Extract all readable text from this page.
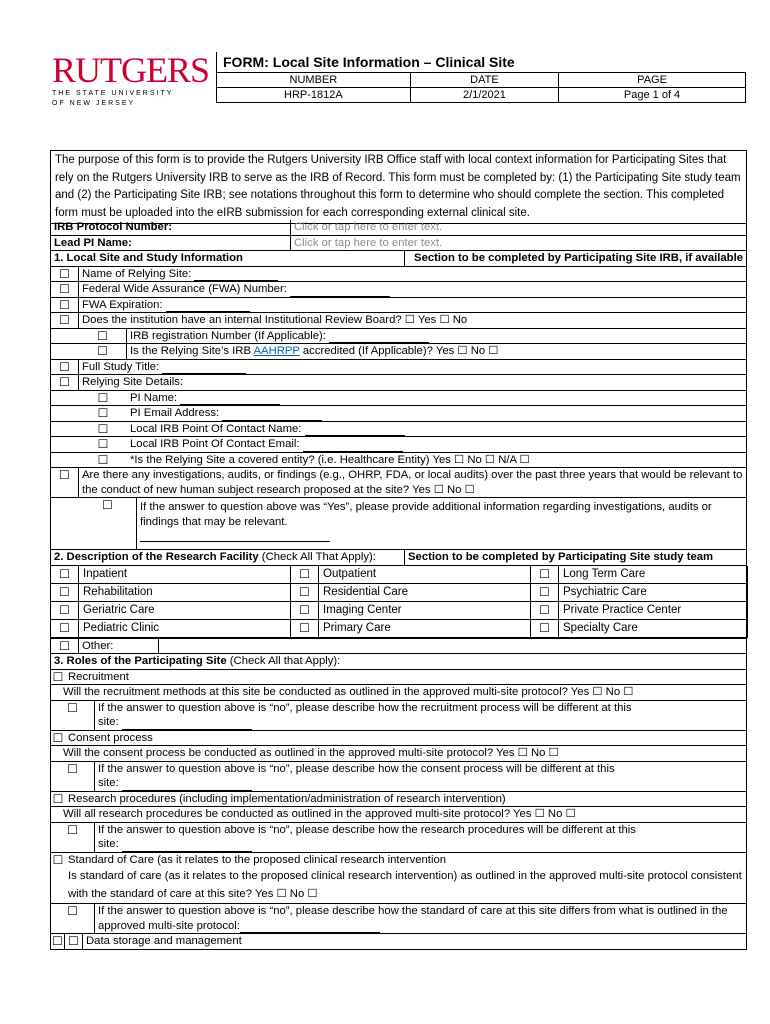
RUTGERS
THE STATE UNIVERSITY
OF NEW JERSEY
FORM: Local Site Information – Clinical Site		
NUMBER	DATE	PAGE
HRP-1812A	2/1/2021	Page 1 of 4
The purpose of this form is to provide the Rutgers University IRB Office staff with local context information for Participating Sites that rely on the Rutgers University IRB to serve as the IRB of Record. This form must be completed by: (1) the Participating Site study team and (2) the Participating Site IRB; see notations throughout this form to determine who should complete the section. This completed form must be uploaded into the eIRB submission for each corresponding external clinical site.
IRB Protocol Number:	Click or tap here to enter text.
Lead PI Name:	Click or tap here to enter text.
1. Local Site and Study Information	Section to be completed by Participating Site IRB, if available
☐	Name of Relying Site:
☐	Federal Wide Assurance (FWA) Number:
☐	FWA Expiration:
☐	Does the institution have an internal Institutional Review Board? ☐ Yes ☐ No
☐	IRB registration Number (If Applicable):
☐	Is the Relying Site’s IRB AAHRPP accredited (If Applicable)? Yes ☐ No ☐
☐	Full Study Title:
☐	Relying Site Details:
☐	PI Name:
☐	PI Email Address:
☐	Local IRB Point Of Contact Name:
☐	Local IRB Point Of Contact Email:
☐	*Is the Relying Site a covered entity? (i.e. Healthcare Entity) Yes ☐ No ☐ N/A ☐
☐	Are there any investigations, audits, or findings (e.g., OHRP, FDA, or local audits) over the past three years that would be relevant to the conduct of new human subject research proposed at the site? Yes ☐ No ☐
☐	If the answer to question above was “Yes”, please provide additional information regarding investigations, audits or findings that may be relevant.
2. Description of the Research Facility (Check All That Apply):	Section to be completed by Participating Site study team
☐	Inpatient	☐	Outpatient	☐	Long Term Care
☐	Rehabilitation	☐	Residential Care	☐	Psychiatric Care
☐	Geriatric Care	☐	Imaging Center	☐	Private Practice Center
☐	Pediatric Clinic	☐	Primary Care	☐	Specialty Care
☐	Other:
3. Roles of the Participating Site (Check All that Apply):
☐ Recruitment
Will the recruitment methods at this site be conducted as outlined in the approved multi-site protocol? Yes ☐ No ☐
☐	If the answer to question above is “no”, please describe how the recruitment process will be different at this
site:
☐ Consent process
Will the consent process be conducted as outlined in the approved multi-site protocol? Yes ☐ No ☐
☐	If the answer to question above is “no”, please describe how the consent process will be different at this
site:
☐ Research procedures (including implementation/administration of research intervention)
Will all research procedures be conducted as outlined in the approved multi-site protocol? Yes ☐ No ☐
☐	If the answer to question above is “no”, please describe how the research procedures will be different at this
site:
☐ Standard of Care (as it relates to the proposed clinical research intervention
Is standard of care (as it relates to the proposed clinical research intervention) as outlined in the approved multi-site protocol consistent with the standard of care at this site? Yes ☐ No ☐
☐	If the answer to question above is “no”, please describe how the standard of care at this site differs from what is outlined in the
approved multi-site protocol:
☐ ☐ Data storage and management
